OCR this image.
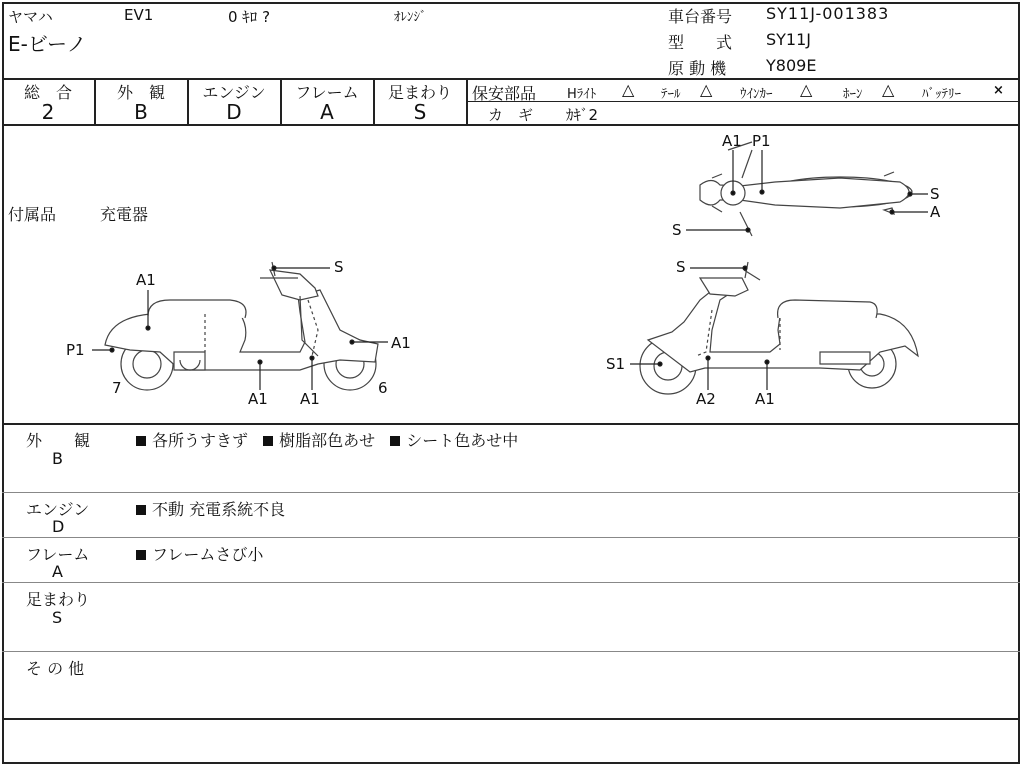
ヤマハ	EV1	0 ｷﾛ ?	ｵﾚﾝｼﾞ
E-ビーノ
車台番号 SY11J-001383
型　　式 SY11J
原 動 機 Y809E
総　合
2
外　観
B
エンジン
D
フレーム
A
足まわり
S
保安部品 Hﾗｲﾄ △ ﾃｰﾙ △ ｳｲﾝｶｰ △ ﾎｰﾝ △ ﾊﾞｯﾃﾘｰ ×
カ　ギ ｶｷﾞ2
付属品	充電器
A1 P1
S
A
S
S
A1
P1	A1
7	6
A1 A1
S
S1
A2	A1
外　　観
B
各所うすきず 樹脂部色あせ シート色あせ中
エンジン
D
不動 充電系統不良
フレーム
A
フレームさび小
足まわり
S
そ の 他
